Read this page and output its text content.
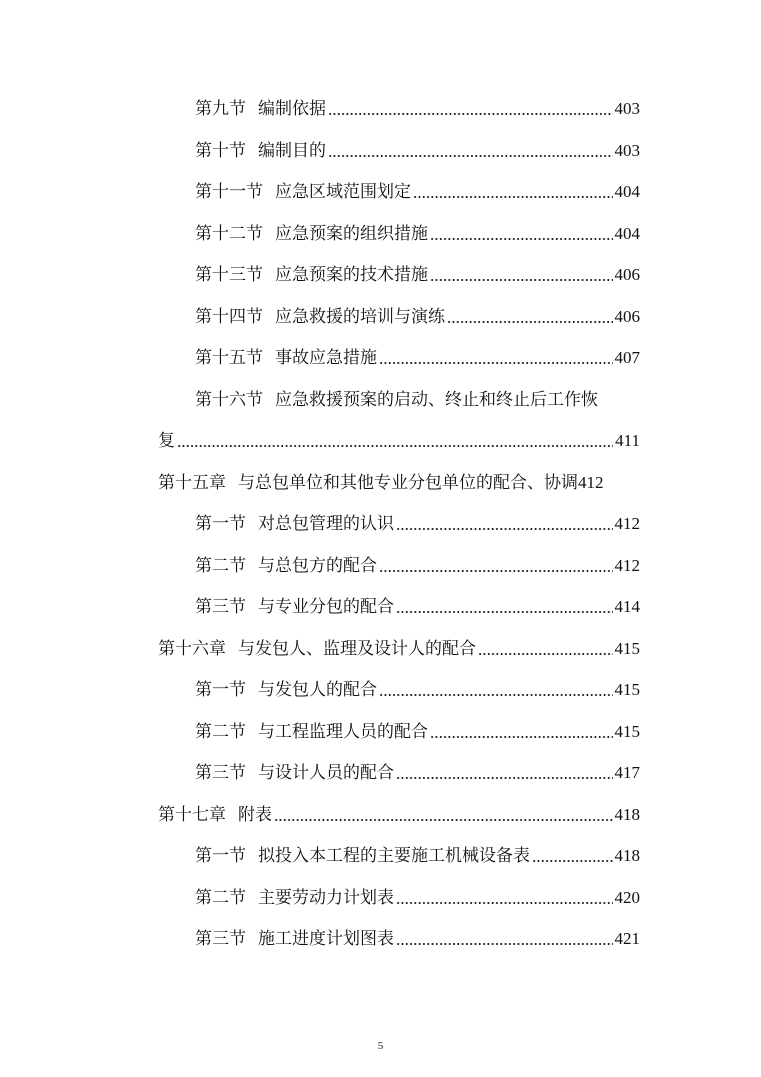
第九节 编制依据	403
第十节 编制目的	403
第十一节 应急区域范围划定	404
第十二节 应急预案的组织措施	404
第十三节 应急预案的技术措施	406
第十四节 应急救援的培训与演练	406
第十五节 事故应急措施	407
第十六节 应急救援预案的启动、终止和终止后工作恢
复	411
第十五章 与总包单位和其他专业分包单位的配合、协调 412
第一节 对总包管理的认识	412
第二节 与总包方的配合	412
第三节 与专业分包的配合	414
第十六章 与发包人、监理及设计人的配合	415
第一节 与发包人的配合	415
第二节 与工程监理人员的配合	415
第三节 与设计人员的配合	417
第十七章 附表	418
第一节 拟投入本工程的主要施工机械设备表	418
第二节 主要劳动力计划表	420
第三节 施工进度计划图表	421
5
